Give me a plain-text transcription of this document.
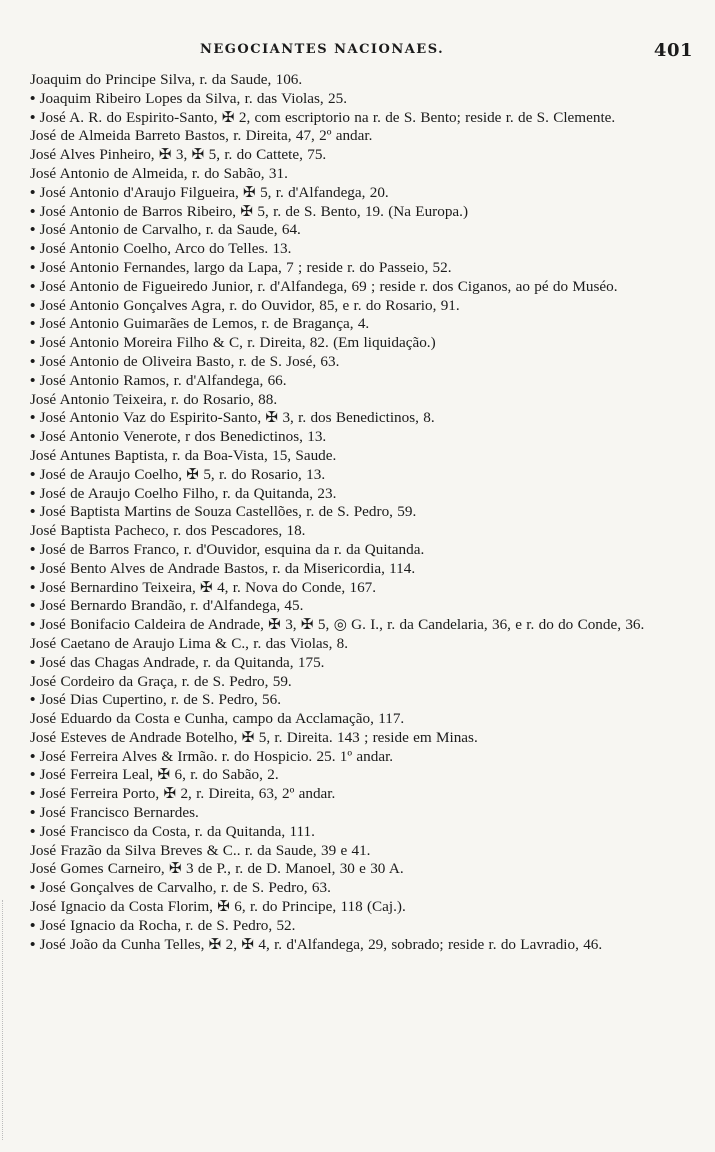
NEGOCIANTES NACIONAES.	401

Joaquim do Principe Silva, r. da Saude, 106.

• Joaquim Ribeiro Lopes da Silva, r. das Violas, 25.

• José A. R. do Espirito-Santo, ✠ 2, com escriptorio na r. de S. Bento; reside r. de S. Clemente.

José de Almeida Barreto Bastos, r. Direita, 47, 2º andar.

José Alves Pinheiro, ✠ 3, ✠ 5, r. do Cattete, 75.

José Antonio de Almeida, r. do Sabão, 31.

• José Antonio d'Araujo Filgueira, ✠ 5, r. d'Alfandega, 20.

• José Antonio de Barros Ribeiro, ✠ 5, r. de S. Bento, 19. (Na Europa.)

• José Antonio de Carvalho, r. da Saude, 64.

• José Antonio Coelho, Arco do Telles. 13.

• José Antonio Fernandes, largo da Lapa, 7 ; reside r. do Passeio, 52.

• José Antonio de Figueiredo Junior, r. d'Alfandega, 69 ; reside r. dos Ciganos, ao pé do Muséo.

• José Antonio Gonçalves Agra, r. do Ouvidor, 85, e r. do Rosario, 91.

• José Antonio Guimarães de Lemos, r. de Bragança, 4.

• José Antonio Moreira Filho & C, r. Direita, 82. (Em liquidação.)

• José Antonio de Oliveira Basto, r. de S. José, 63.

• José Antonio Ramos, r. d'Alfandega, 66.

José Antonio Teixeira, r. do Rosario, 88.

• José Antonio Vaz do Espirito-Santo, ✠ 3, r. dos Benedictinos, 8.

• José Antonio Venerote, r dos Benedictinos, 13.

José Antunes Baptista, r. da Boa-Vista, 15, Saude.

• José de Araujo Coelho, ✠ 5, r. do Rosario, 13.

• José de Araujo Coelho Filho, r. da Quitanda, 23.

• José Baptista Martins de Souza Castellões, r. de S. Pedro, 59.

José Baptista Pacheco, r. dos Pescadores, 18.

• José de Barros Franco, r. d'Ouvidor, esquina da r. da Quitanda.

• José Bento Alves de Andrade Bastos, r. da Misericordia, 114.

• José Bernardino Teixeira, ✠ 4, r. Nova do Conde, 167.

• José Bernardo Brandão, r. d'Alfandega, 45.

• José Bonifacio Caldeira de Andrade, ✠ 3, ✠ 5, ◎ G. I., r. da Candelaria, 36, e r. do do Conde, 36.

José Caetano de Araujo Lima & C., r. das Violas, 8.

• José das Chagas Andrade, r. da Quitanda, 175.

José Cordeiro da Graça, r. de S. Pedro, 59.

• José Dias Cupertino, r. de S. Pedro, 56.

José Eduardo da Costa e Cunha, campo da Acclamação, 117.

José Esteves de Andrade Botelho, ✠ 5, r. Direita. 143 ; reside em Minas.

• José Ferreira Alves & Irmão. r. do Hospicio. 25. 1º andar.

• José Ferreira Leal, ✠ 6, r. do Sabão, 2.

• José Ferreira Porto, ✠ 2, r. Direita, 63, 2º andar.

• José Francisco Bernardes.

• José Francisco da Costa, r. da Quitanda, 111.

José Frazão da Silva Breves & C.. r. da Saude, 39 e 41.

José Gomes Carneiro, ✠ 3 de P., r. de D. Manoel, 30 e 30 A.

• José Gonçalves de Carvalho, r. de S. Pedro, 63.

José Ignacio da Costa Florim, ✠ 6, r. do Principe, 118 (Caj.).

• José Ignacio da Rocha, r. de S. Pedro, 52.

• José João da Cunha Telles, ✠ 2, ✠ 4, r. d'Alfandega, 29, sobrado; reside r. do Lavradio, 46.
